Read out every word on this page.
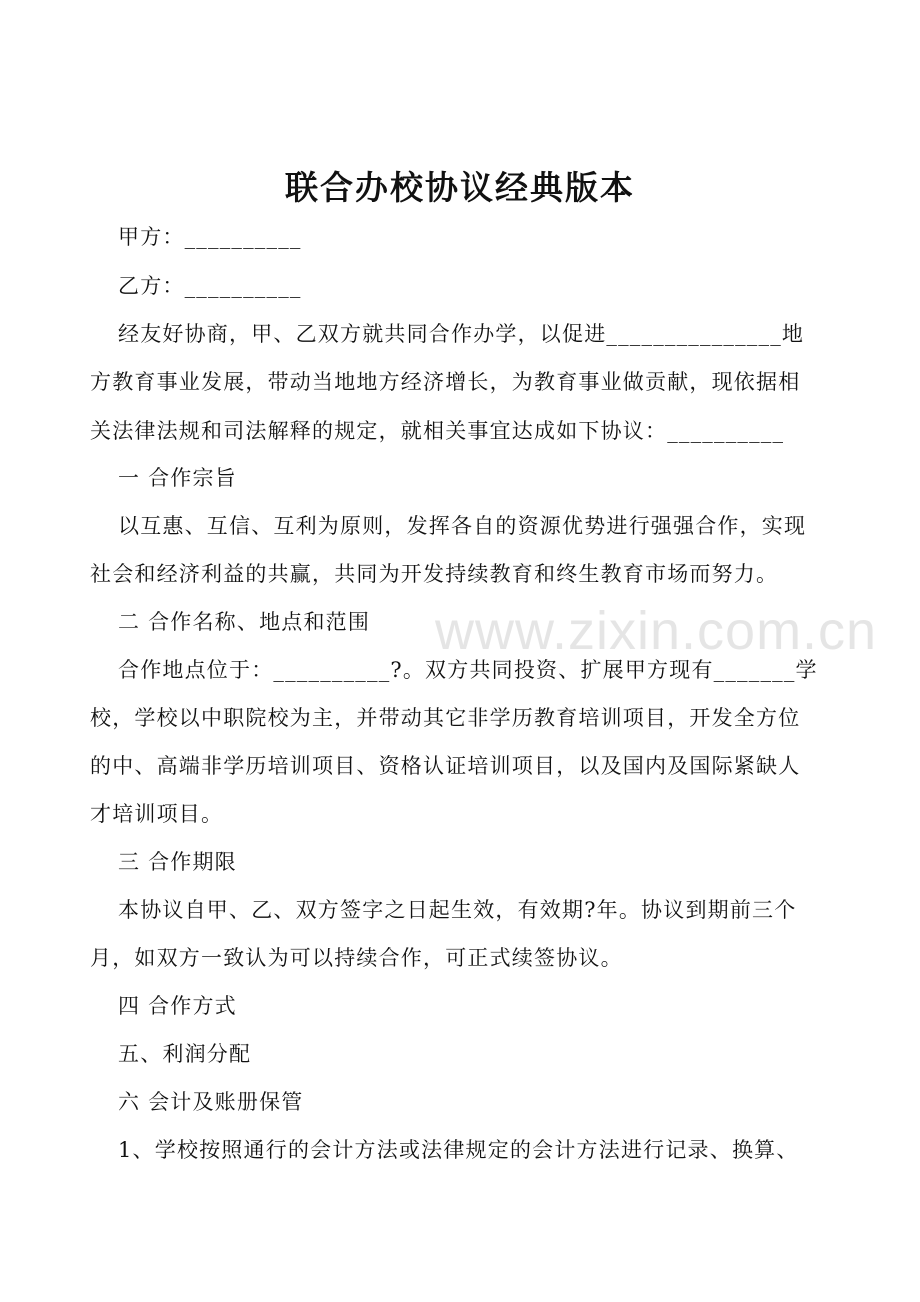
联合办校协议经典版本
甲方：__________
乙方：__________
经友好协商，甲、乙双方就共同合作办学，以促进_______________地
方教育事业发展，带动当地地方经济增长，为教育事业做贡献，现依据相
关法律法规和司法解释的规定，就相关事宜达成如下协议：__________
一 合作宗旨
以互惠、互信、互利为原则，发挥各自的资源优势进行强强合作，实现
社会和经济利益的共赢，共同为开发持续教育和终生教育市场而努力。
二 合作名称、地点和范围
合作地点位于：__________?。双方共同投资、扩展甲方现有_______学
校，学校以中职院校为主，并带动其它非学历教育培训项目，开发全方位
的中、高端非学历培训项目、资格认证培训项目，以及国内及国际紧缺人
才培训项目。
三 合作期限
本协议自甲、乙、双方签字之日起生效，有效期?年。协议到期前三个
月，如双方一致认为可以持续合作，可正式续签协议。
四 合作方式
五、利润分配
六 会计及账册保管
1、学校按照通行的会计方法或法律规定的会计方法进行记录、换算、
www.zixin.com.cn
